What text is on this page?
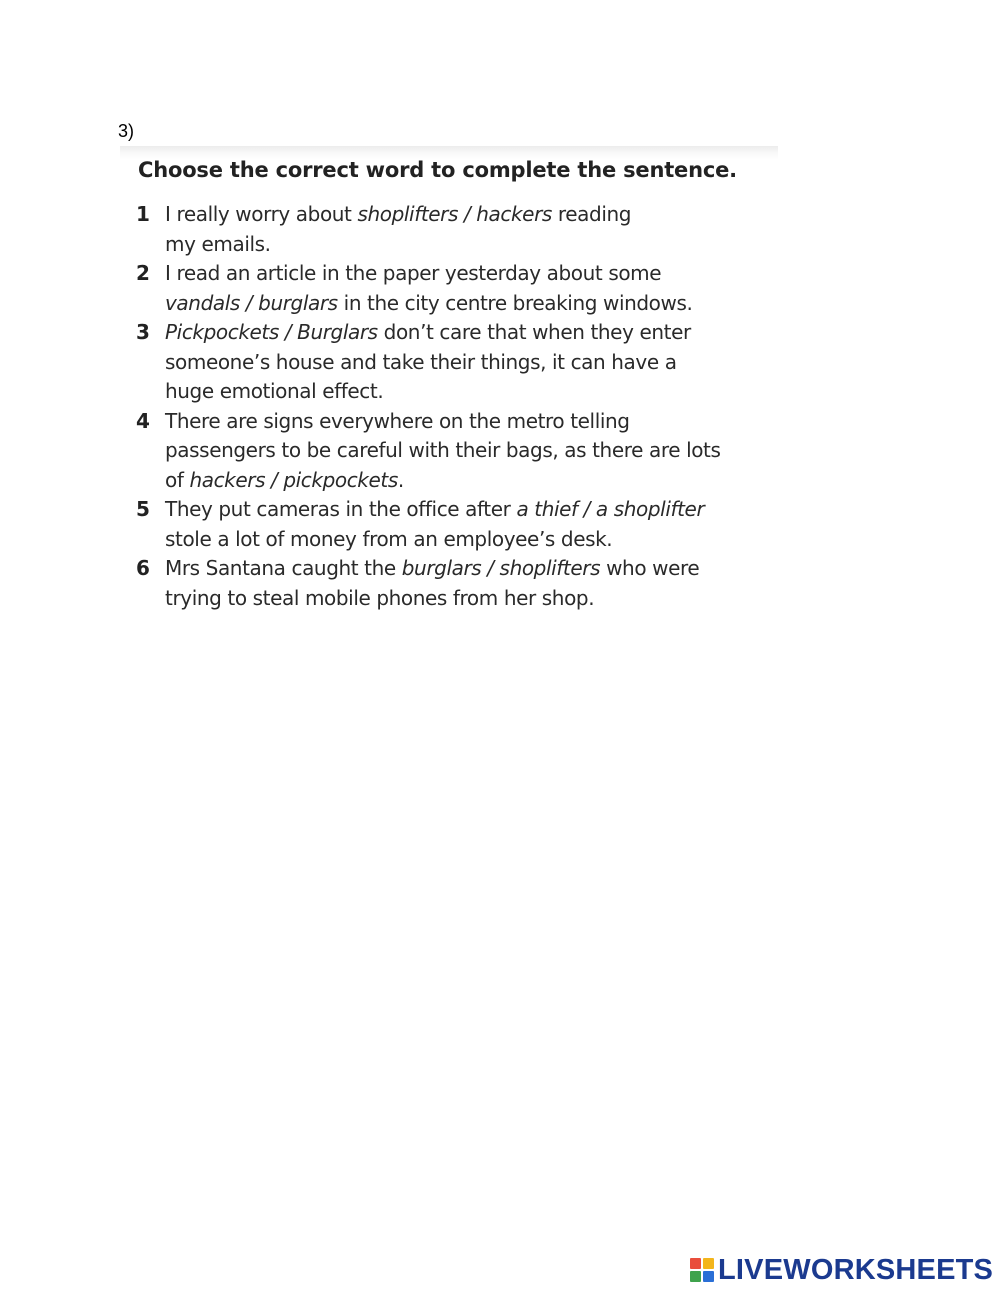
3)
Choose the correct word to complete the sentence.
1 I really worry about shoplifters / hackers reading
my emails.
2 I read an article in the paper yesterday about some
vandals / burglars in the city centre breaking windows.
3 Pickpockets / Burglars don’t care that when they enter
someone’s house and take their things, it can have a
huge emotional effect.
4 There are signs everywhere on the metro telling
passengers to be careful with their bags, as there are lots
of hackers / pickpockets.
5 They put cameras in the office after a thief / a shoplifter
stole a lot of money from an employee’s desk.
6 Mrs Santana caught the burglars / shoplifters who were
trying to steal mobile phones from her shop.
LIVEWORKSHEETS
